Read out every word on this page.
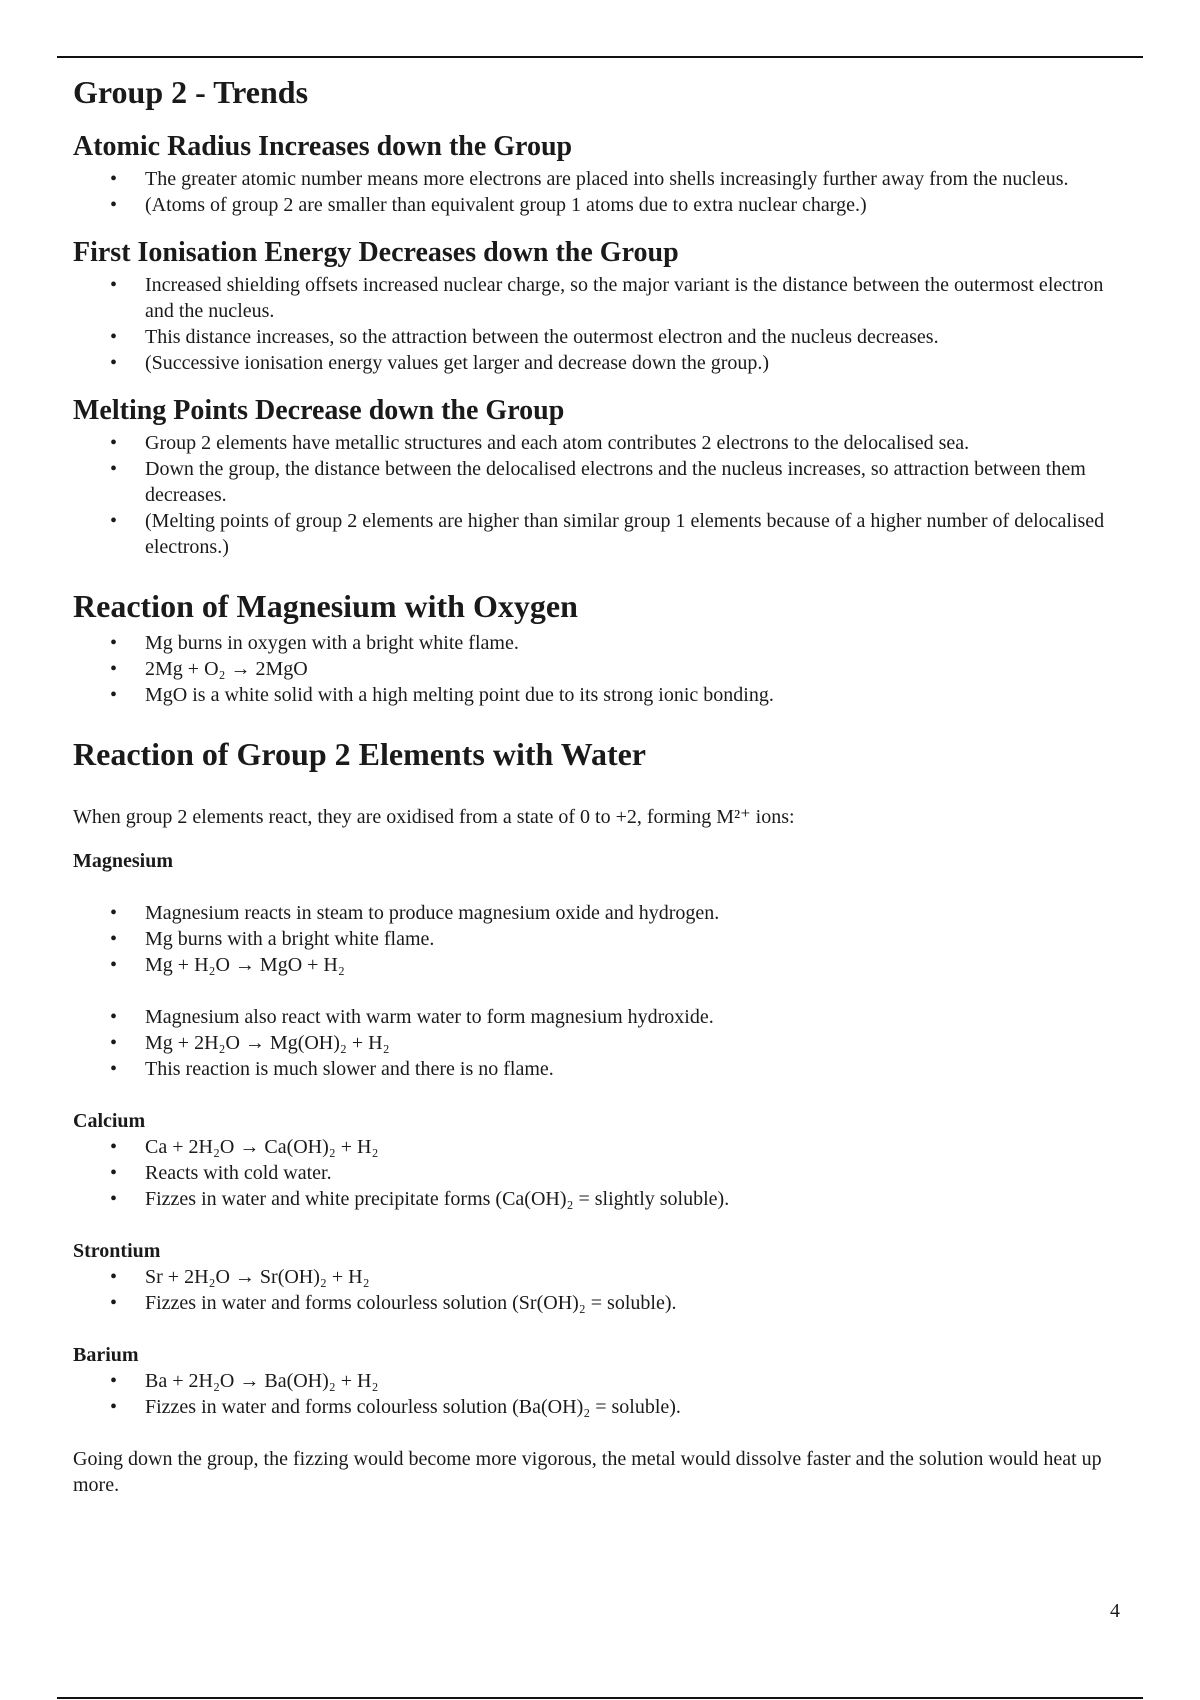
Group 2 - Trends
Atomic Radius Increases down the Group
• The greater atomic number means more electrons are placed into shells increasingly further away from the nucleus.
• (Atoms of group 2 are smaller than equivalent group 1 atoms due to extra nuclear charge.)
First Ionisation Energy Decreases down the Group
• Increased shielding offsets increased nuclear charge, so the major variant is the distance between the outermost electron and the nucleus.
• This distance increases, so the attraction between the outermost electron and the nucleus decreases.
• (Successive ionisation energy values get larger and decrease down the group.)
Melting Points Decrease down the Group
• Group 2 elements have metallic structures and each atom contributes 2 electrons to the delocalised sea.
• Down the group, the distance between the delocalised electrons and the nucleus increases, so attraction between them decreases.
• (Melting points of group 2 elements are higher than similar group 1 elements because of a higher number of delocalised electrons.)
Reaction of Magnesium with Oxygen
• Mg burns in oxygen with a bright white flame.
• 2Mg + O₂ → 2MgO
• MgO is a white solid with a high melting point due to its strong ionic bonding.
Reaction of Group 2 Elements with Water

When group 2 elements react, they are oxidised from a state of 0 to +2, forming M²⁺ ions:

Magnesium

• Magnesium reacts in steam to produce magnesium oxide and hydrogen.
• Mg burns with a bright white flame.
• Mg + H₂O → MgO + H₂
• Magnesium also react with warm water to form magnesium hydroxide.
• Mg + 2H₂O → Mg(OH)₂ + H₂
• This reaction is much slower and there is no flame.

Calcium

• Ca + 2H₂O → Ca(OH)₂ + H₂
• Reacts with cold water.
• Fizzes in water and white precipitate forms (Ca(OH)₂ = slightly soluble).

Strontium

• Sr + 2H₂O → Sr(OH)₂ + H₂
• Fizzes in water and forms colourless solution (Sr(OH)₂ = soluble).

Barium

• Ba + 2H₂O → Ba(OH)₂ + H₂
• Fizzes in water and forms colourless solution (Ba(OH)₂ = soluble).

Going down the group, the fizzing would become more vigorous, the metal would dissolve faster and the solution would heat up more.

4
